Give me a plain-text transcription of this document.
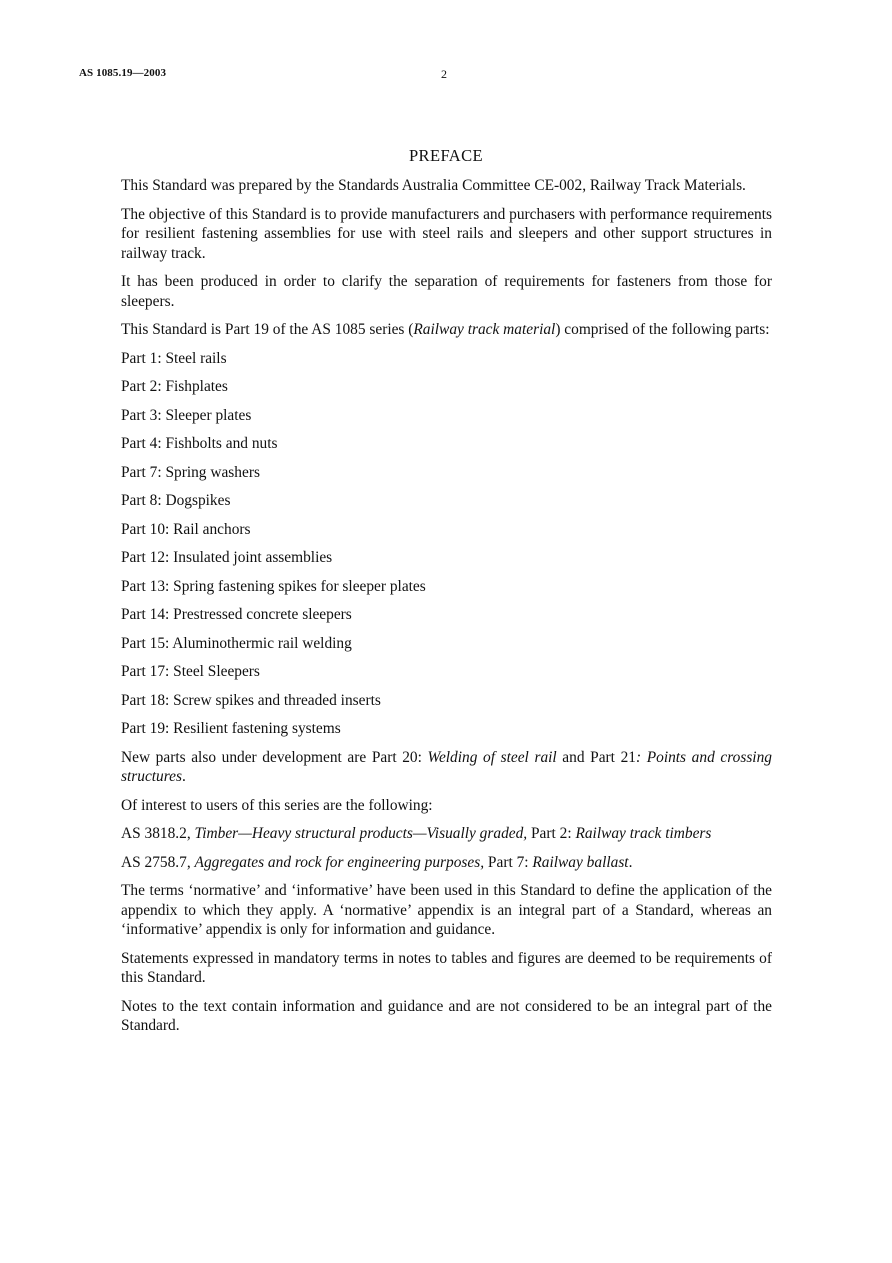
AS 1085.19—2003	2
PREFACE

This Standard was prepared by the Standards Australia Committee CE-002, Railway Track Materials.

The objective of this Standard is to provide manufacturers and purchasers with performance requirements for resilient fastening assemblies for use with steel rails and sleepers and other support structures in railway track.

It has been produced in order to clarify the separation of requirements for fasteners from those for sleepers.

This Standard is Part 19 of the AS 1085 series (Railway track material) comprised of the following parts:

Part 1: Steel rails
Part 2: Fishplates
Part 3: Sleeper plates
Part 4: Fishbolts and nuts
Part 7: Spring washers
Part 8: Dogspikes
Part 10: Rail anchors
Part 12: Insulated joint assemblies
Part 13: Spring fastening spikes for sleeper plates
Part 14: Prestressed concrete sleepers
Part 15: Aluminothermic rail welding
Part 17: Steel Sleepers
Part 18: Screw spikes and threaded inserts
Part 19: Resilient fastening systems

New parts also under development are Part 20: Welding of steel rail and Part 21: Points and crossing structures.

Of interest to users of this series are the following:

AS 3818.2, Timber—Heavy structural products—Visually graded, Part 2: Railway track timbers

AS 2758.7, Aggregates and rock for engineering purposes, Part 7: Railway ballast.

The terms ‘normative’ and ‘informative’ have been used in this Standard to define the application of the appendix to which they apply. A ‘normative’ appendix is an integral part of a Standard, whereas an ‘informative’ appendix is only for information and guidance.

Statements expressed in mandatory terms in notes to tables and figures are deemed to be requirements of this Standard.

Notes to the text contain information and guidance and are not considered to be an integral part of the Standard.
